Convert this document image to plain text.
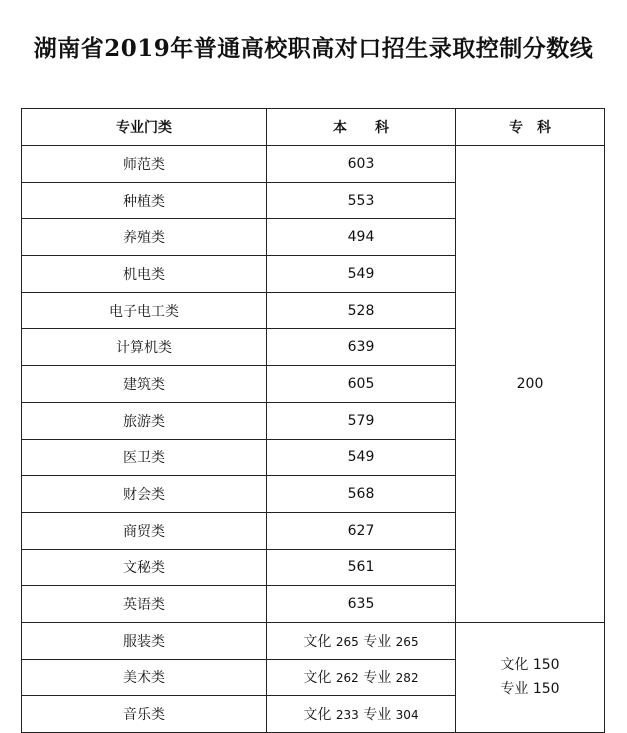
湖南省2019年普通高校职高对口招生录取控制分数线
专业门类	本　　科	专　科
师范类	603	200
种植类	553	
养殖类	494	
机电类	549	
电子电工类	528	
计算机类	639	
建筑类	605	
旅游类	579	
医卫类	549	
财会类	568	
商贸类	627	
文秘类	561	
英语类	635	
服装类	文化 265 专业 265	文化 150
专业 150

美术类	文化 262 专业 282	
音乐类	文化 233 专业 304	
